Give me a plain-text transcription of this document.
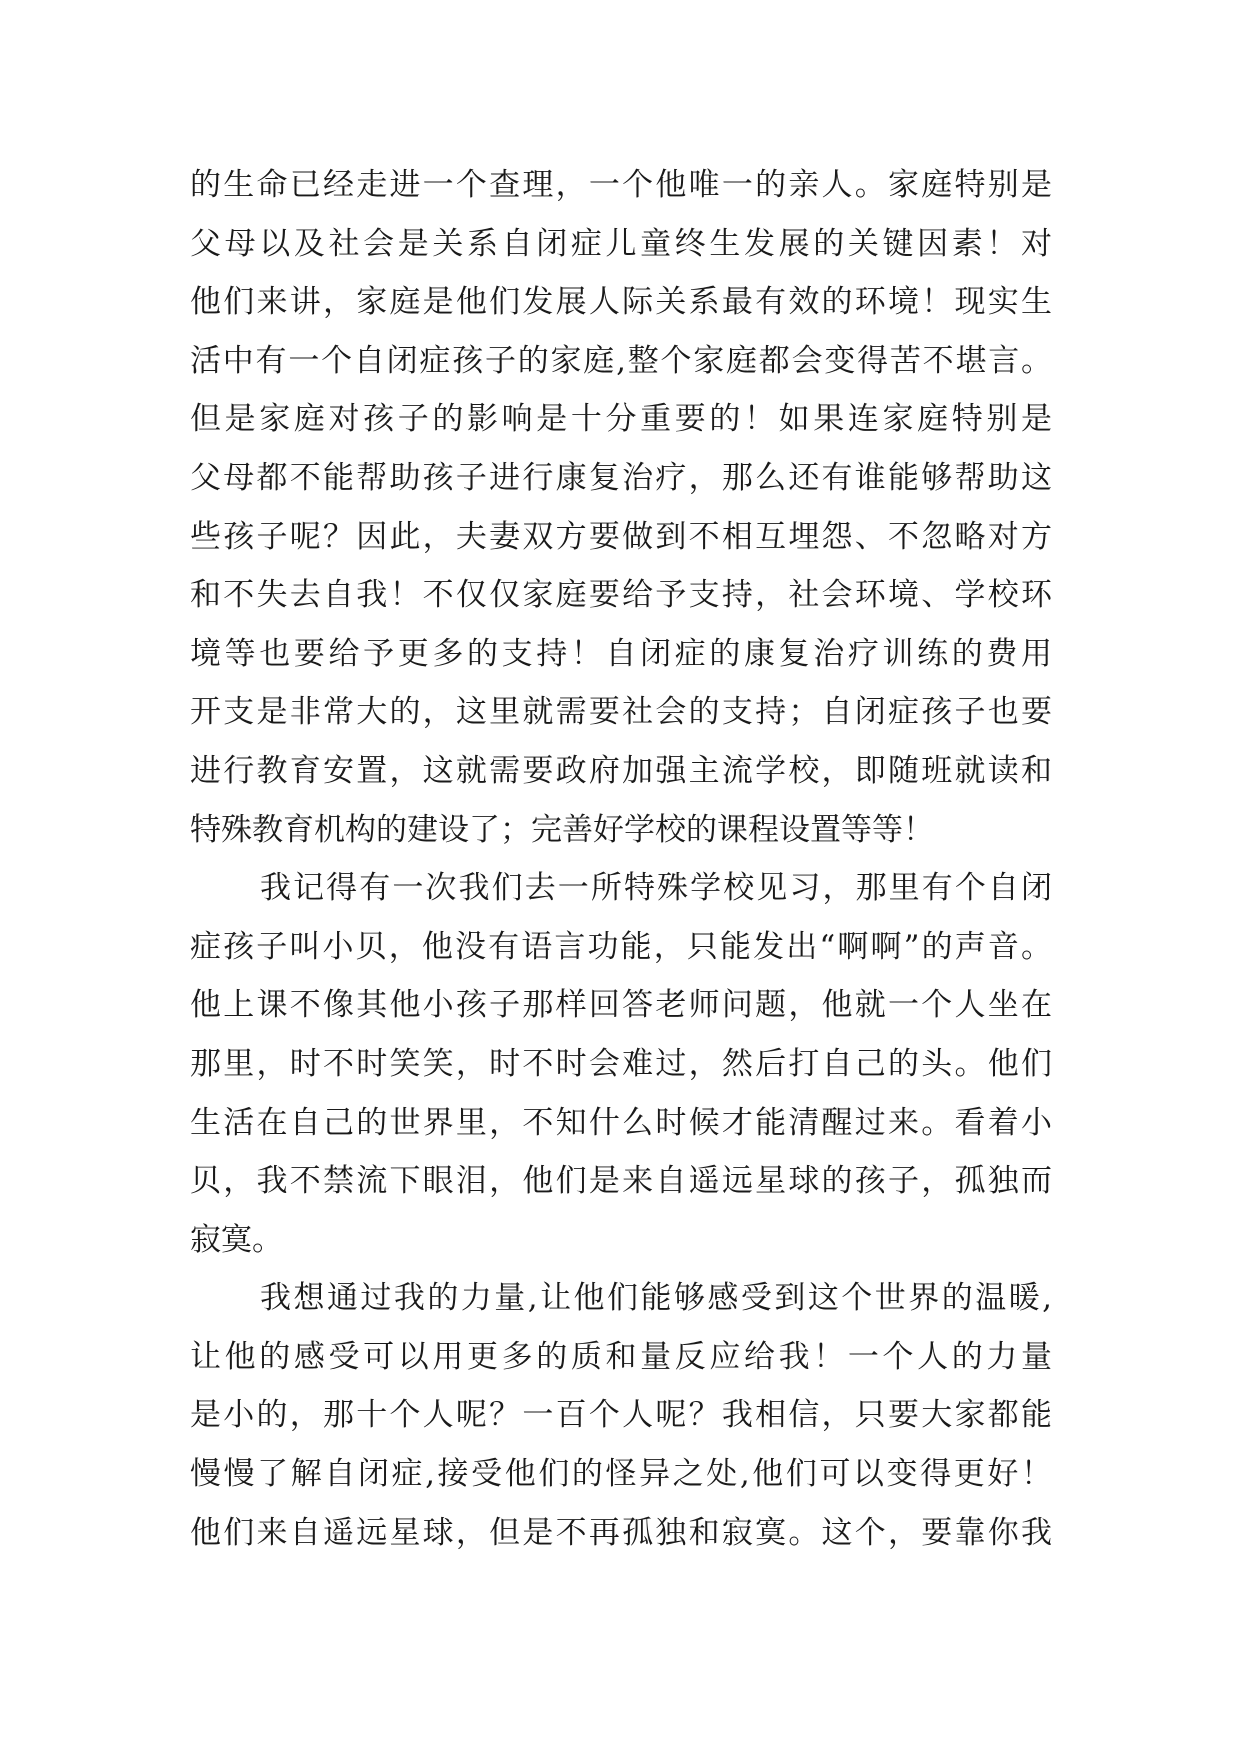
的生命已经走进一个查理，一个他唯一的亲人。家庭特别是
父母以及社会是关系自闭症儿童终生发展的关键因素！对
他们来讲，家庭是他们发展人际关系最有效的环境！现实生
活中有一个自闭症孩子的家庭,整个家庭都会变得苦不堪言。
但是家庭对孩子的影响是十分重要的！如果连家庭特别是
父母都不能帮助孩子进行康复治疗，那么还有谁能够帮助这
些孩子呢？因此，夫妻双方要做到不相互埋怨、不忽略对方
和不失去自我！不仅仅家庭要给予支持，社会环境、学校环
境等也要给予更多的支持！自闭症的康复治疗训练的费用
开支是非常大的，这里就需要社会的支持；自闭症孩子也要
进行教育安置，这就需要政府加强主流学校，即随班就读和
特殊教育机构的建设了；完善好学校的课程设置等等！
我记得有一次我们去一所特殊学校见习，那里有个自闭
症孩子叫小贝，他没有语言功能，只能发出“啊啊”的声音。
他上课不像其他小孩子那样回答老师问题，他就一个人坐在
那里，时不时笑笑，时不时会难过，然后打自己的头。他们
生活在自己的世界里，不知什么时候才能清醒过来。看着小
贝，我不禁流下眼泪，他们是来自遥远星球的孩子，孤独而
寂寞。
我想通过我的力量,让他们能够感受到这个世界的温暖,
让他的感受可以用更多的质和量反应给我！一个人的力量
是小的，那十个人呢？一百个人呢？我相信，只要大家都能
慢慢了解自闭症,接受他们的怪异之处,他们可以变得更好！
他们来自遥远星球，但是不再孤独和寂寞。这个，要靠你我
